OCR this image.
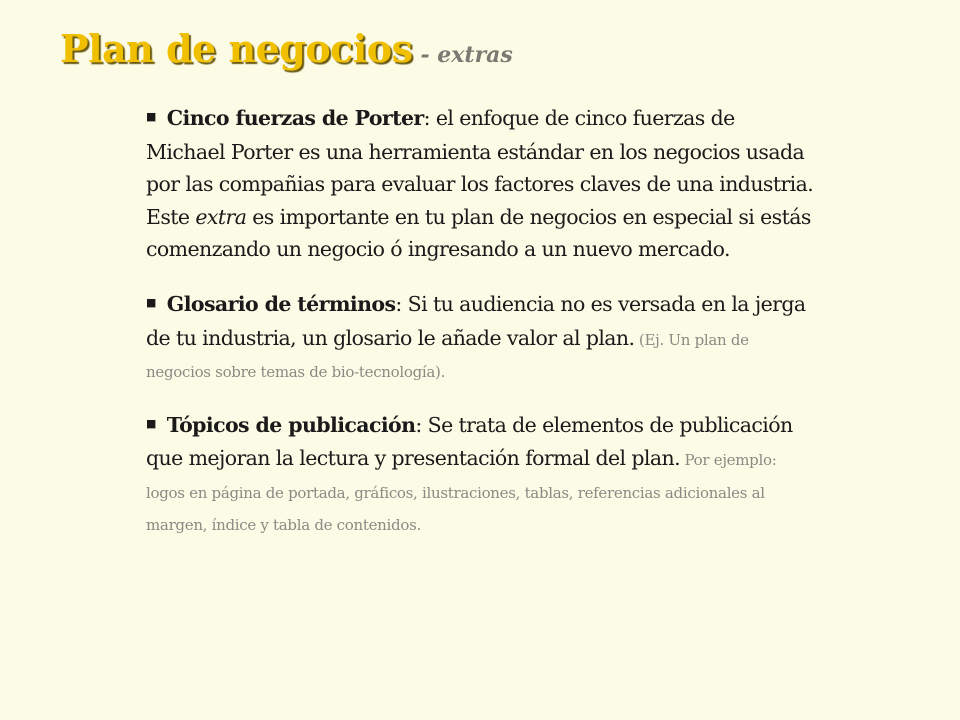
Plan de negocios - extras

■ Cinco fuerzas de Porter: el enfoque de cinco fuerzas de Michael Porter es una herramienta estándar en los negocios usada por las compañias para evaluar los factores claves de una industria. Este extra es importante en tu plan de negocios en especial si estás comenzando un negocio ó ingresando a un nuevo mercado.

■ Glosario de términos: Si tu audiencia no es versada en la jerga de tu industria, un glosario le añade valor al plan. (Ej. Un plan de negocios sobre temas de bio-tecnología).

■ Tópicos de publicación: Se trata de elementos de publicación que mejoran la lectura y presentación formal del plan. Por ejemplo: logos en página de portada, gráficos, ilustraciones, tablas, referencias adicionales al margen, índice y tabla de contenidos.
